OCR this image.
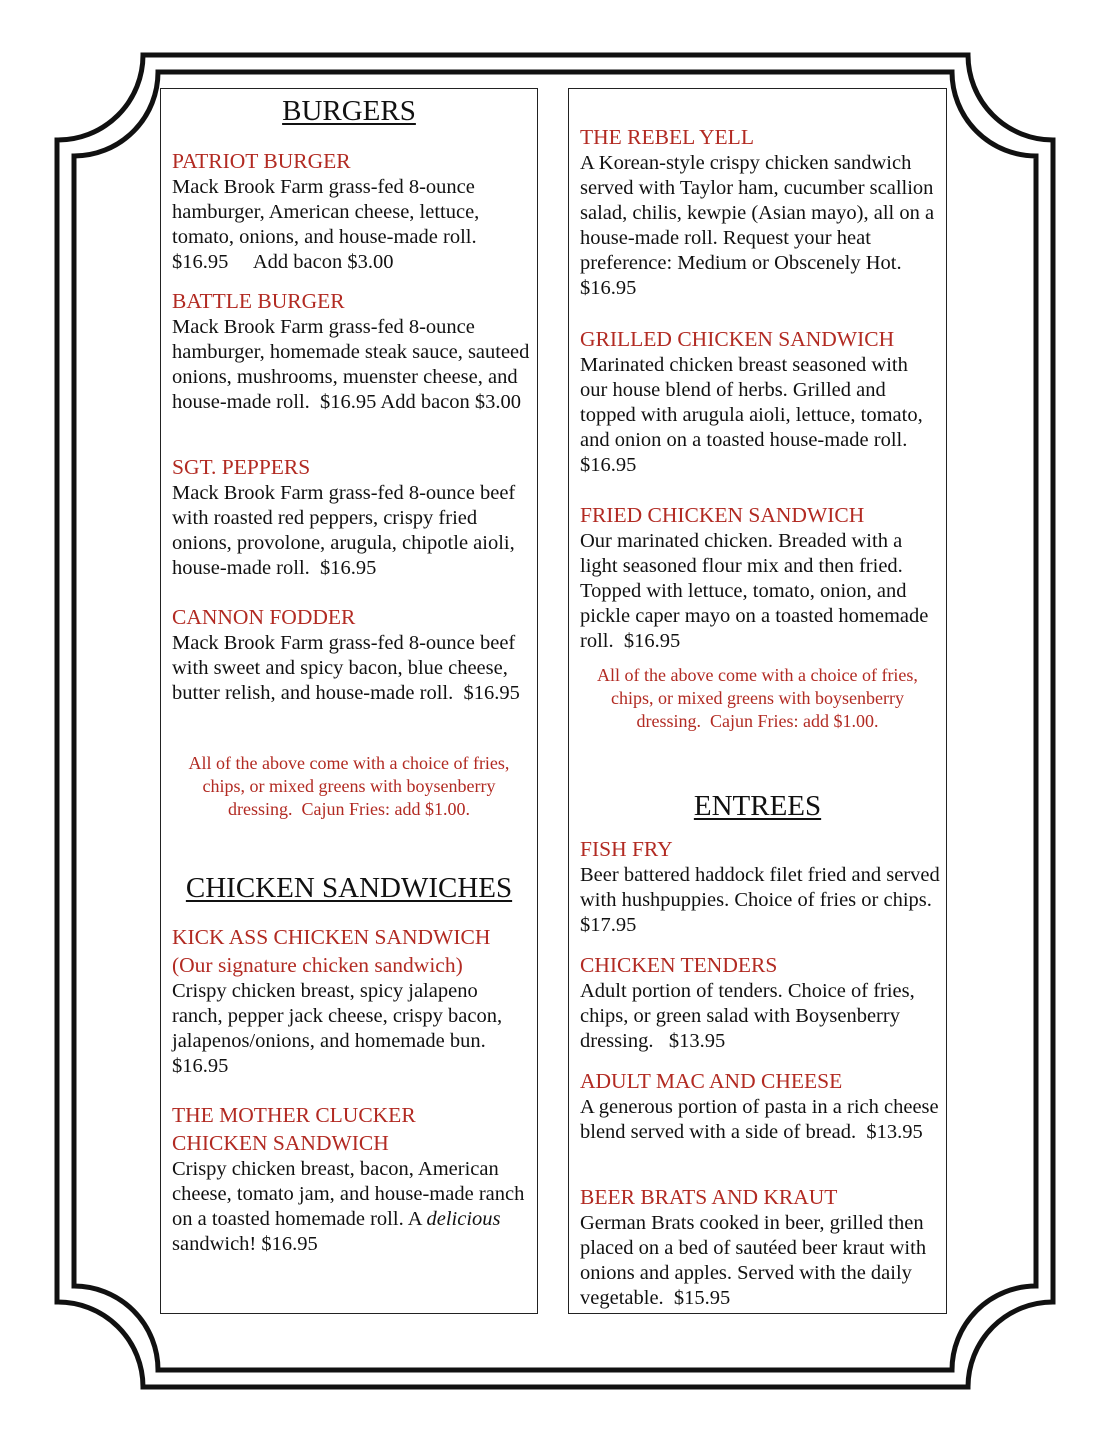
BURGERS
PATRIOT BURGER
Mack Brook Farm grass-fed 8-ounce hamburger, American cheese, lettuce, tomato, onions, and house-made roll. $16.95     Add bacon $3.00
BATTLE BURGER
Mack Brook Farm grass-fed 8-ounce hamburger, homemade steak sauce, sauteed onions, mushrooms, muenster cheese, and house-made roll.  $16.95 Add bacon $3.00
SGT. PEPPERS
Mack Brook Farm grass-fed 8-ounce beef with roasted red peppers, crispy fried onions, provolone, arugula, chipotle aioli, house-made roll.  $16.95
CANNON FODDER
Mack Brook Farm grass-fed 8-ounce beef with sweet and spicy bacon, blue cheese, butter relish, and house-made roll.  $16.95
All of the above come with a choice of fries, chips, or mixed greens with boysenberry dressing.  Cajun Fries: add $1.00.
CHICKEN SANDWICHES
KICK ASS CHICKEN SANDWICH (Our signature chicken sandwich)
Crispy chicken breast, spicy jalapeno ranch, pepper jack cheese, crispy bacon, jalapenos/onions, and homemade bun.  $16.95
THE MOTHER CLUCKER CHICKEN SANDWICH
Crispy chicken breast, bacon, American cheese, tomato jam, and house-made ranch on a toasted homemade roll. A delicious sandwich! $16.95
THE REBEL YELL
A Korean-style crispy chicken sandwich served with Taylor ham, cucumber scallion salad, chilis, kewpie (Asian mayo), all on a house-made roll. Request your heat preference: Medium or Obscenely Hot.  $16.95
GRILLED CHICKEN SANDWICH
Marinated chicken breast seasoned with our house blend of herbs. Grilled and topped with arugula aioli, lettuce, tomato, and onion on a toasted house-made roll.  $16.95
FRIED CHICKEN SANDWICH
Our marinated chicken. Breaded with a light seasoned flour mix and then fried. Topped with lettuce, tomato, onion, and pickle caper mayo on a toasted homemade roll.  $16.95
All of the above come with a choice of fries, chips, or mixed greens with boysenberry dressing.  Cajun Fries: add $1.00.
ENTREES
FISH FRY
Beer battered haddock filet fried and served with hushpuppies. Choice of fries or chips.  $17.95
CHICKEN TENDERS
Adult portion of tenders. Choice of fries, chips, or green salad with Boysenberry dressing.   $13.95
ADULT MAC AND CHEESE
A generous portion of pasta in a rich cheese blend served with a side of bread.  $13.95
BEER BRATS AND KRAUT
German Brats cooked in beer, grilled then placed on a bed of sautéed beer kraut with onions and apples. Served with the daily vegetable.  $15.95
